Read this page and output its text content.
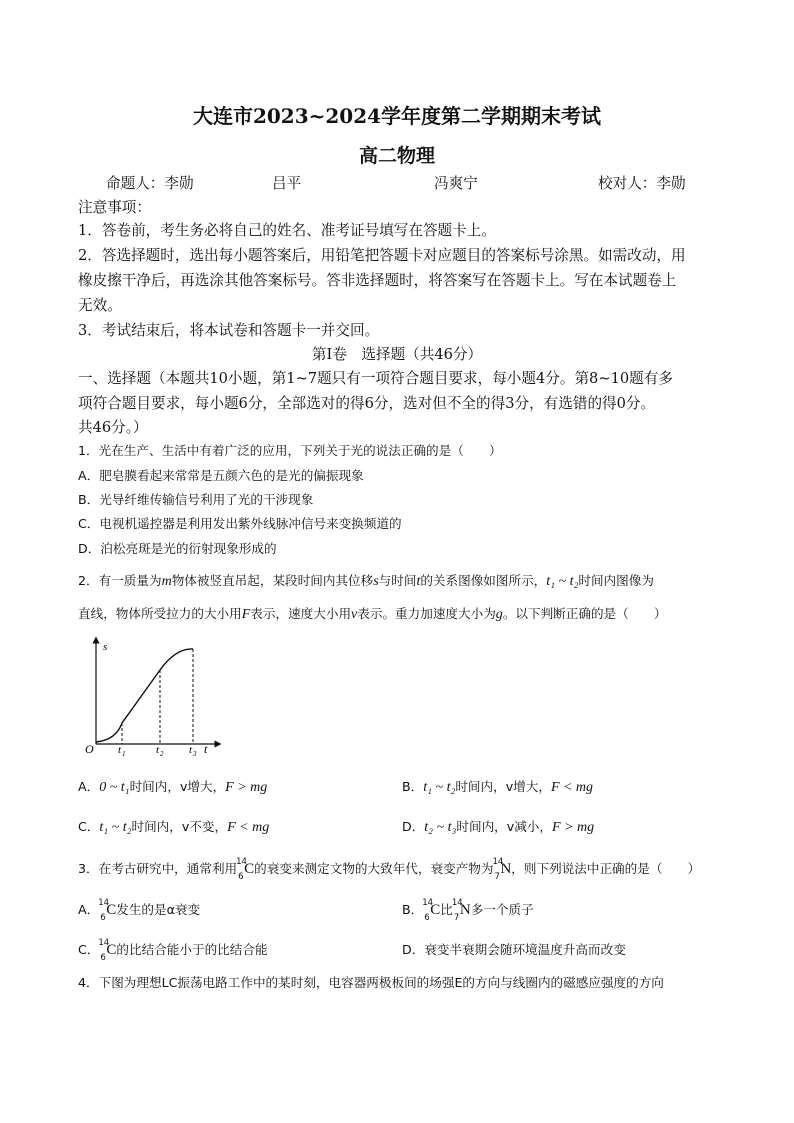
大连市2023~2024学年度第二学期期末考试
高二物理
命题人：李勋	吕平	冯爽宁	校对人：李勋
注意事项：
1．答卷前，考生务必将自己的姓名、准考证号填写在答题卡上。
2．答选择题时，选出每小题答案后，用铅笔把答题卡对应题目的答案标号涂黑。如需改动，用
橡皮擦干净后，再选涂其他答案标号。答非选择题时，将答案写在答题卡上。写在本试题卷上
无效。
3．考试结束后，将本试卷和答题卡一并交回。
第Ⅰ卷　选择题（共46分）
一、选择题（本题共10小题，第1~7题只有一项符合题目要求，每小题4分。第8~10题有多
项符合题目要求，每小题6分，全部选对的得6分，选对但不全的得3分，有选错的得0分。
共46分。）
1．光在生产、生活中有着广泛的应用，下列关于光的说法正确的是（　　）
A．肥皂膜看起来常常是五颜六色的是光的偏振现象
B．光导纤维传输信号利用了光的干涉现象
C．电视机遥控器是利用发出紫外线脉冲信号来变换频道的
D．泊松亮斑是光的衍射现象形成的
2．有一质量为m物体被竖直吊起，某段时间内其位移s与时间t的关系图像如图所示，t₁ ~ t₂时间内图像为
直线，物体所受拉力的大小用F表示，速度大小用v表示。重力加速度大小为g。以下判断正确的是（　　）
s
t
O t 1	t 2 t 3
A．0 ~ t₁时间内，v增大，F > mg	B．t₁ ~ t₂时间内，v增大，F < mg
C．t₁ ~ t₂时间内，v不变，F < mg	D．t₂ ~ t₃时间内，v减小，F > mg
3．在考古研究中，通常利用 14
6 C的衰变来测定文物的大致年代，衰变产物为 14
7 N，则下列说法中正确的是（　　）
A． 14
6 C发生的是α衰变	B． 14
6 C比 14
7 N多一个质子
C． 14
6 C的比结合能小于的比结合能	D．衰变半衰期会随环境温度升高而改变
4．下图为理想LC振荡电路工作中的某时刻，电容器两极板间的场强E的方向与线圈内的磁感应强度的方向
